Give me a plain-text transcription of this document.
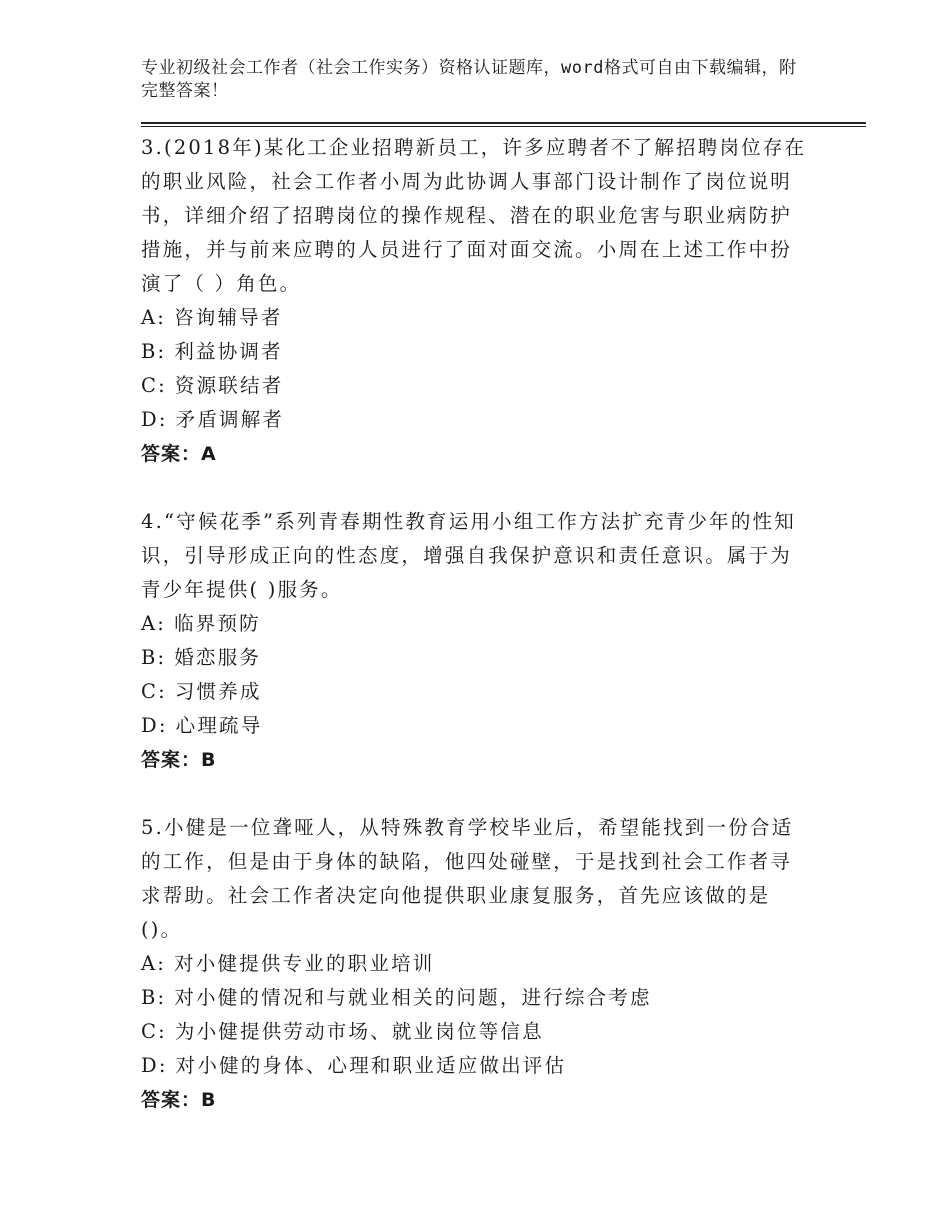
专业初级社会工作者（社会工作实务）资格认证题库，word格式可自由下载编辑，附完整答案！

3.(2018年)某化工企业招聘新员工，许多应聘者不了解招聘岗位存在的职业风险，社会工作者小周为此协调人事部门设计制作了岗位说明书，详细介绍了招聘岗位的操作规程、潜在的职业危害与职业病防护措施，并与前来应聘的人员进行了面对面交流。小周在上述工作中扮演了（ ）角色。

A : 咨询辅导者
B : 利益协调者
C : 资源联结者
D : 矛盾调解者
答案：A

4.“守候花季”系列青春期性教育运用小组工作方法扩充青少年的性知识，引导形成正向的性态度，增强自我保护意识和责任意识。属于为青少年提供( )服务。

A : 临界预防
B : 婚恋服务
C : 习惯养成
D : 心理疏导
答案：B

5.小健是一位聋哑人，从特殊教育学校毕业后，希望能找到一份合适的工作，但是由于身体的缺陷，他四处碰壁，于是找到社会工作者寻求帮助。社会工作者决定向他提供职业康复服务，首先应该做的是()。

A : 对小健提供专业的职业培训
B : 对小健的情况和与就业相关的问题，进行综合考虑
C : 为小健提供劳动市场、就业岗位等信息
D : 对小健的身体、心理和职业适应做出评估
答案：B
